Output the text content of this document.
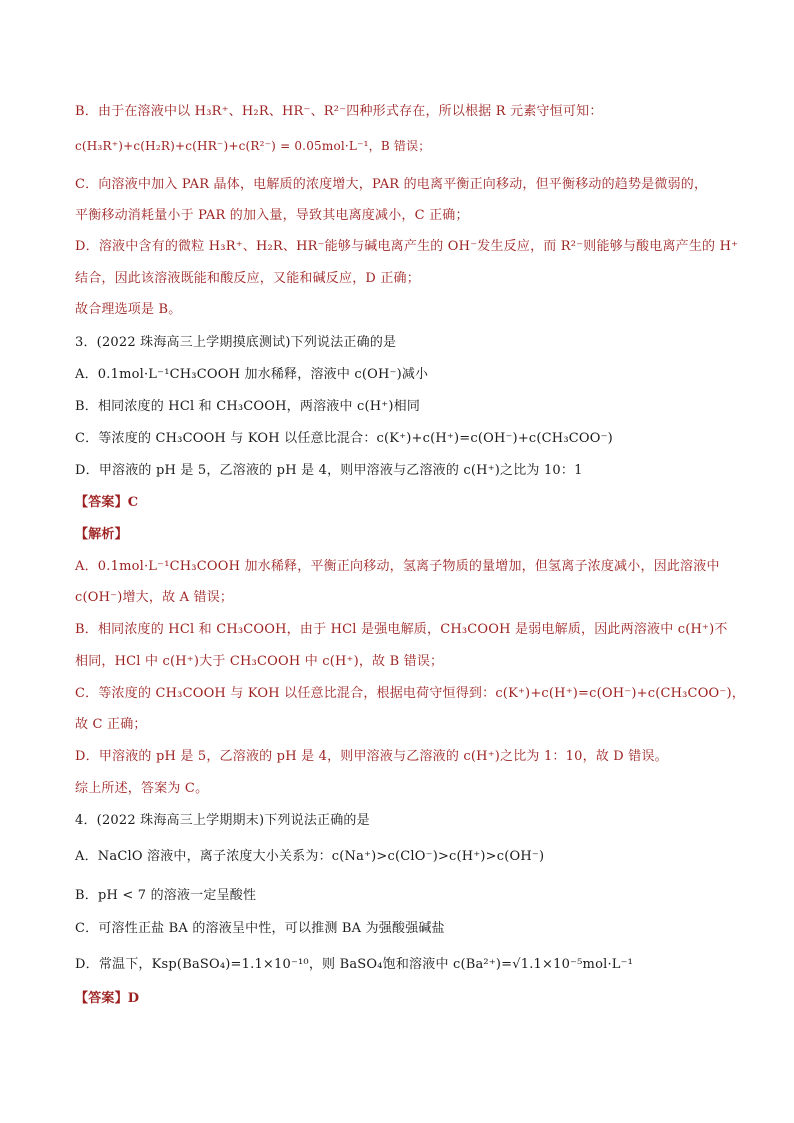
B．由于在溶液中以 H₃R⁺、H₂R、HR⁻、R²⁻四种形式存在，所以根据 R 元素守恒可知：

c(H₃R⁺)+c(H₂R)+c(HR⁻)+c(R²⁻) = 0.05mol·L⁻¹，B 错误；

C．向溶液中加入 PAR 晶体，电解质的浓度增大，PAR 的电离平衡正向移动，但平衡移动的趋势是微弱的，

平衡移动消耗量小于 PAR 的加入量，导致其电离度减小，C 正确；

D．溶液中含有的微粒 H₃R⁺、H₂R、HR⁻能够与碱电离产生的 OH⁻发生反应，而 R²⁻则能够与酸电离产生的 H⁺

结合，因此该溶液既能和酸反应，又能和碱反应，D 正确；

故合理选项是 B。

3．(2022 珠海高三上学期摸底测试)下列说法正确的是

A．0.1mol·L⁻¹CH₃COOH 加水稀释，溶液中 c(OH⁻)减小

B．相同浓度的 HCl 和 CH₃COOH，两溶液中 c(H⁺)相同

C．等浓度的 CH₃COOH 与 KOH 以任意比混合：c(K⁺)+c(H⁺)=c(OH⁻)+c(CH₃COO⁻)

D．甲溶液的 pH 是 5，乙溶液的 pH 是 4，则甲溶液与乙溶液的 c(H⁺)之比为 10：1

【答案】C

【解析】

A．0.1mol·L⁻¹CH₃COOH 加水稀释，平衡正向移动，氢离子物质的量增加，但氢离子浓度减小，因此溶液中

c(OH⁻)增大，故 A 错误；

B．相同浓度的 HCl 和 CH₃COOH，由于 HCl 是强电解质，CH₃COOH 是弱电解质，因此两溶液中 c(H⁺)不

相同，HCl 中 c(H⁺)大于 CH₃COOH 中 c(H⁺)，故 B 错误；

C．等浓度的 CH₃COOH 与 KOH 以任意比混合，根据电荷守恒得到：c(K⁺)+c(H⁺)=c(OH⁻)+c(CH₃COO⁻)，

故 C 正确；

D．甲溶液的 pH 是 5，乙溶液的 pH 是 4，则甲溶液与乙溶液的 c(H⁺)之比为 1：10，故 D 错误。

综上所述，答案为 C。

4．(2022 珠海高三上学期期末)下列说法正确的是

A．NaClO 溶液中，离子浓度大小关系为：c(Na⁺)>c(ClO⁻)>c(H⁺)>c(OH⁻)

B．pH < 7 的溶液一定呈酸性

C．可溶性正盐 BA 的溶液呈中性，可以推测 BA 为强酸强碱盐

D．常温下，Ksp(BaSO₄)=1.1×10⁻¹⁰，则 BaSO₄饱和溶液中 c(Ba²⁺)=√1.1×10⁻⁵mol·L⁻¹

【答案】D
